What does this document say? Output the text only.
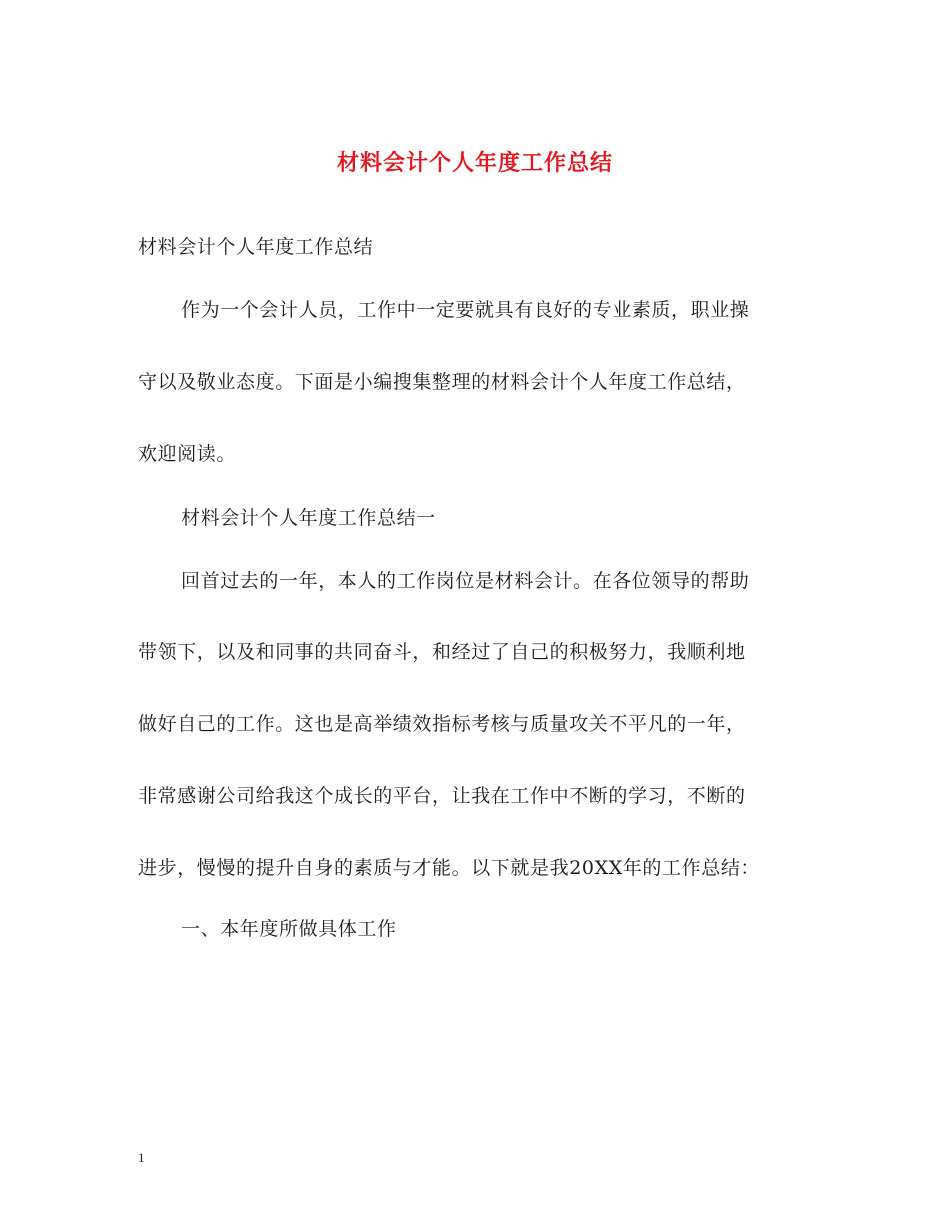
材料会计个人年度工作总结
材料会计个人年度工作总结
作为一个会计人员，工作中一定要就具有良好的专业素质，职业操
守以及敬业态度。下面是小编搜集整理的材料会计个人年度工作总结，
欢迎阅读。
材料会计个人年度工作总结一
回首过去的一年，本人的工作岗位是材料会计。在各位领导的帮助
带领下，以及和同事的共同奋斗，和经过了自己的积极努力，我顺利地
做好自己的工作。这也是高举绩效指标考核与质量攻关不平凡的一年，
非常感谢公司给我这个成长的平台，让我在工作中不断的学习，不断的
进步，慢慢的提升自身的素质与才能。以下就是我20XX年的工作总结：
一、本年度所做具体工作
1
